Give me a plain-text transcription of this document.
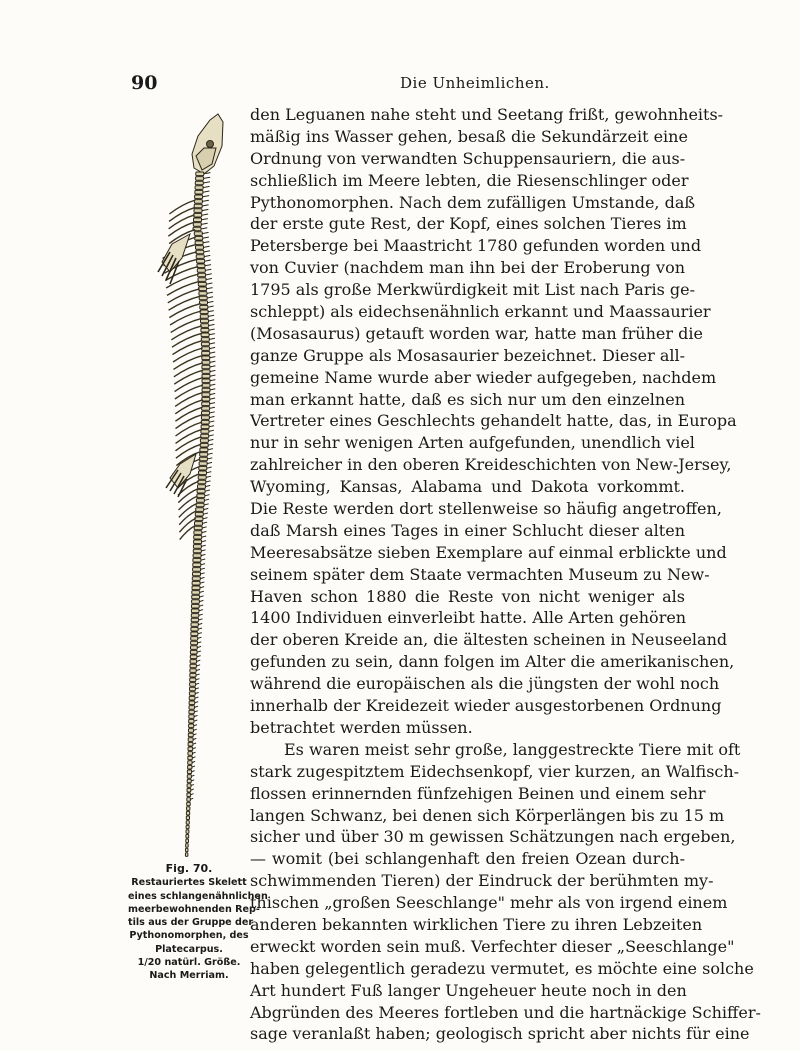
90	Die Unheimlichen.
Fig. 70.
Restauriertes Skelett
eines schlangenähnlichen
meerbewohnenden Rep-
tils aus der Gruppe der
Pythonomorphen, des
Platecarpus.
1/20 natürl. Größe.
Nach Merriam.
den Leguanen nahe steht und Seetang frißt, gewohnheits-
mäßig ins Wasser gehen, besaß die Sekundärzeit eine
Ordnung von verwandten Schuppensauriern, die aus-
schließlich im Meere lebten, die Riesenschlinger oder
Pythonomorphen. Nach dem zufälligen Umstande, daß
der erste gute Rest, der Kopf, eines solchen Tieres im
Petersberge bei Maastricht 1780 gefunden worden und
von Cuvier (nachdem man ihn bei der Eroberung von
1795 als große Merkwürdigkeit mit List nach Paris ge-
schleppt) als eidechsenähnlich erkannt und Maassaurier
(Mosasaurus) getauft worden war, hatte man früher die
ganze Gruppe als Mosasaurier bezeichnet. Dieser all-
gemeine Name wurde aber wieder aufgegeben, nachdem
man erkannt hatte, daß es sich nur um den einzelnen
Vertreter eines Geschlechts gehandelt hatte, das, in Europa
nur in sehr wenigen Arten aufgefunden, unendlich viel
zahlreicher in den oberen Kreideschichten von New-Jersey,
Wyoming, Kansas, Alabama und Dakota vorkommt.
Die Reste werden dort stellenweise so häufig angetroffen,
daß Marsh eines Tages in einer Schlucht dieser alten
Meeresabsätze sieben Exemplare auf einmal erblickte und
seinem später dem Staate vermachten Museum zu New-
Haven schon 1880 die Reste von nicht weniger als
1400 Individuen einverleibt hatte. Alle Arten gehören
der oberen Kreide an, die ältesten scheinen in Neuseeland
gefunden zu sein, dann folgen im Alter die amerikanischen,
während die europäischen als die jüngsten der wohl noch
innerhalb der Kreidezeit wieder ausgestorbenen Ordnung
betrachtet werden müssen.
Es waren meist sehr große, langgestreckte Tiere mit oft
stark zugespitztem Eidechsenkopf, vier kurzen, an Walfisch-
flossen erinnernden fünfzehigen Beinen und einem sehr
langen Schwanz, bei denen sich Körperlängen bis zu 15 m
sicher und über 30 m gewissen Schätzungen nach ergeben,
— womit (bei schlangenhaft den freien Ozean durch-
schwimmenden Tieren) der Eindruck der berühmten my-
thischen „großen Seeschlange" mehr als von irgend einem
anderen bekannten wirklichen Tiere zu ihren Lebzeiten
erweckt worden sein muß. Verfechter dieser „Seeschlange"
haben gelegentlich geradezu vermutet, es möchte eine solche
Art hundert Fuß langer Ungeheuer heute noch in den
Abgründen des Meeres fortleben und die hartnäckige Schiffer-
sage veranlaßt haben; geologisch spricht aber nichts für eine
